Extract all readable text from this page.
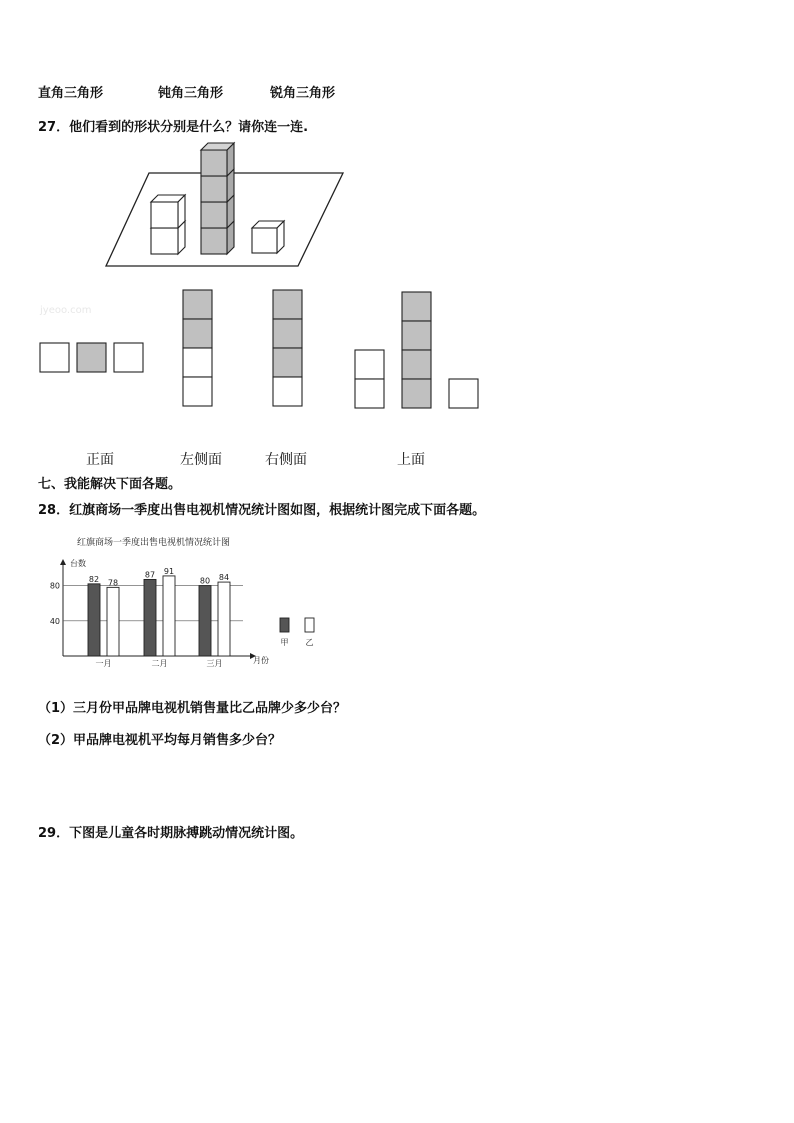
直角三角形	钝角三角形	锐角三角形
27．他们看到的形状分别是什么？请你连一连.
jyeoo.com
正面	左侧面	右侧面	上面
七、我能解决下面各题。
28．红旗商场一季度出售电视机情况统计图如图，根据统计图完成下面各题。
红旗商场一季度出售电视机情况统计图
台数
月份
40
80
82 78
一月
87 91
二月
80 84
三月
甲 乙
（1）三月份甲品牌电视机销售量比乙品牌少多少台？
（2）甲品牌电视机平均每月销售多少台？
29．下图是儿童各时期脉搏跳动情况统计图。
